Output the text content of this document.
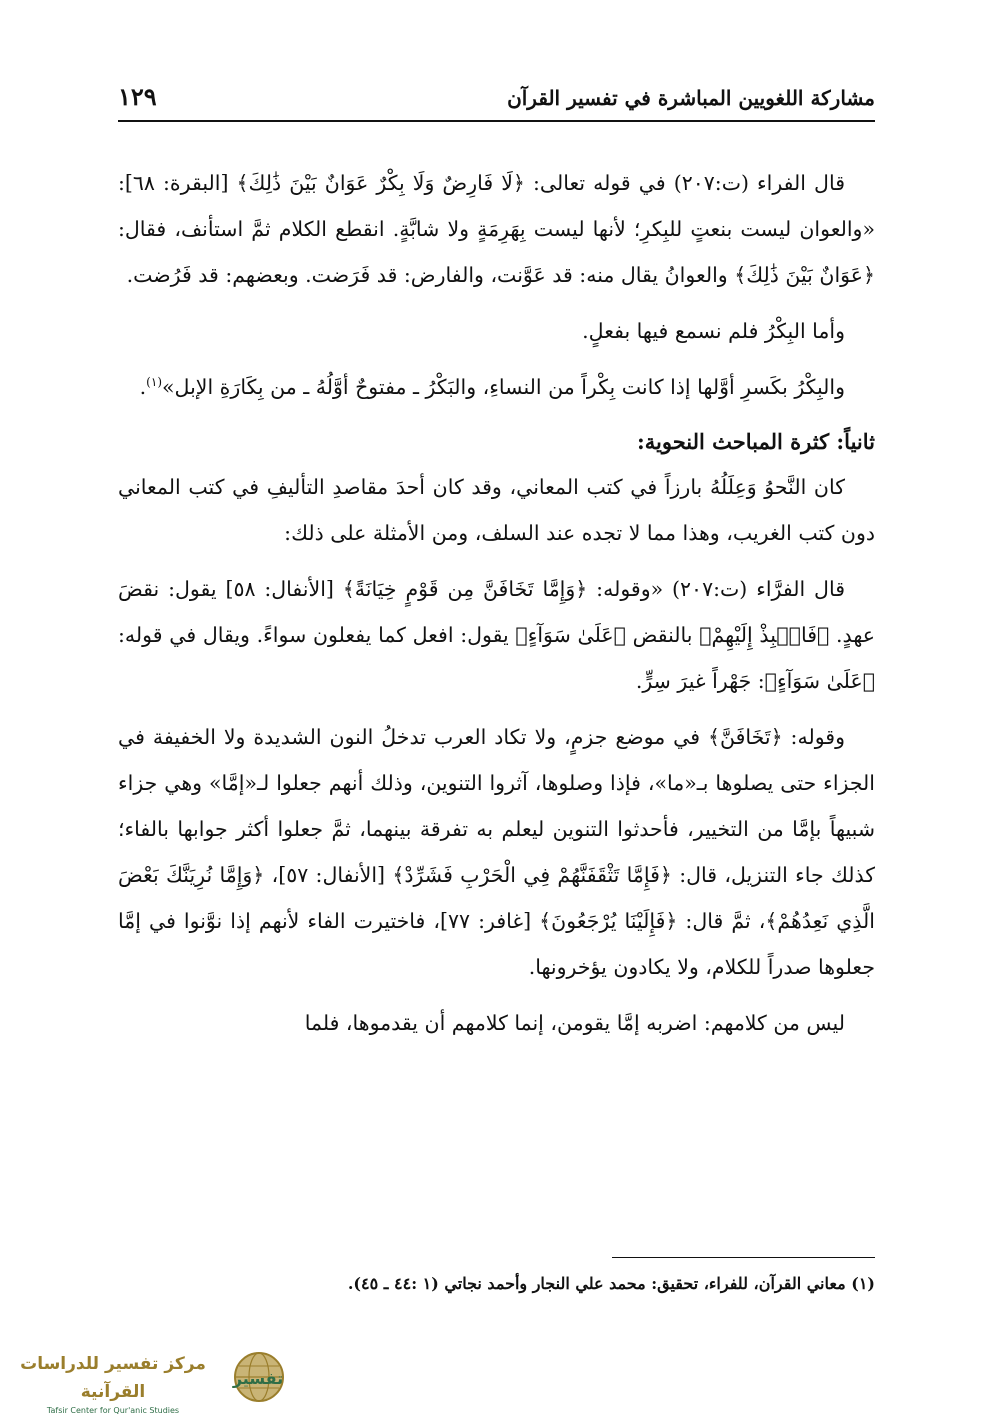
مشاركة اللغويين المباشرة في تفسير القرآن
١٢٩

قال الفراء (ت:٢٠٧) في قوله تعالى: ﴿لَا فَارِضٌ وَلَا بِكْرٌ عَوَانٌ بَيْنَ ذَٰلِكَ﴾ [البقرة: ٦٨]: «والعوان ليست بنعتٍ للبِكرِ؛ لأنها ليست بِهَرِمَةٍ ولا شابَّةٍ. انقطع الكلام ثمَّ استأنف، فقال: ﴿عَوَانٌ بَيْنَ ذَٰلِكَ﴾ والعوانُ يقال منه: قد عَوَّنت، والفارض: قد فَرَضت. وبعضهم: قد فَرُضت.

وأما البِكْرُ فلم نسمع فيها بفعلٍ.

والبِكْرُ بكَسرِ أوَّلها إذا كانت بِكْراً من النساءِ، والبَكْرُ ـ مفتوحٌ أوَّلُهُ ـ من بِكَارَةِ الإبل»$^{(١)}$.

ثانياً: كثرة المباحث النحوية:

كان النَّحوُ وَعِلَلُهُ بارزاً في كتب المعاني، وقد كان أحدَ مقاصدِ التأليفِ في كتب المعاني دون كتب الغريب، وهذا مما لا تجده عند السلف، ومن الأمثلة على ذلك:

قال الفرَّاء (ت:٢٠٧) «وقوله: ﴿وَإِمَّا تَخَافَنَّ مِن قَوْمٍ خِيَانَةً﴾ [الأنفال: ٥٨] يقول: نقضَ عهدٍ. ﴿فَانۢبِذْ إِلَيْهِمْ﴾ بالنقض ﴿عَلَىٰ سَوَآءٍ﴾ يقول: افعل كما يفعلون سواءً. ويقال في قوله: ﴿عَلَىٰ سَوَآءٍ﴾: جَهْراً غيرَ سِرٍّ.

وقوله: ﴿تَخَافَنَّ﴾ في موضع جزمٍ، ولا تكاد العرب تدخلُ النون الشديدة ولا الخفيفة في الجزاء حتى يصلوها بـ«ما»، فإذا وصلوها، آثروا التنوين، وذلك أنهم جعلوا لـ«إمَّا» وهي جزاء شبيهاً بإمَّا من التخيير، فأحدثوا التنوين ليعلم به تفرقة بينهما، ثمَّ جعلوا أكثر جوابها بالفاء؛ كذلك جاء التنزيل، قال: ﴿فَإِمَّا تَثْقَفَنَّهُمْ فِي الْحَرْبِ فَشَرِّدْ﴾ [الأنفال: ٥٧]، ﴿وَإِمَّا نُرِيَنَّكَ بَعْضَ الَّذِي نَعِدُهُمْ﴾، ثمَّ قال: ﴿فَإِلَيْنَا يُرْجَعُونَ﴾ [غافر: ٧٧]، فاختيرت الفاء لأنهم إذا نوَّنوا في إمَّا جعلوها صدراً للكلام، ولا يكادون يؤخرونها.

ليس من كلامهم: اضربه إمَّا يقومن، إنما كلامهم أن يقدموها، فلما

(١) معاني القرآن، للفراء، تحقيق: محمد علي النجار وأحمد نجاتي (١ :٤٤ ـ ٤٥).
مركز تفسير للدراسات القرآنية
Tafsir Center for Qur'anic Studies
تفسير
